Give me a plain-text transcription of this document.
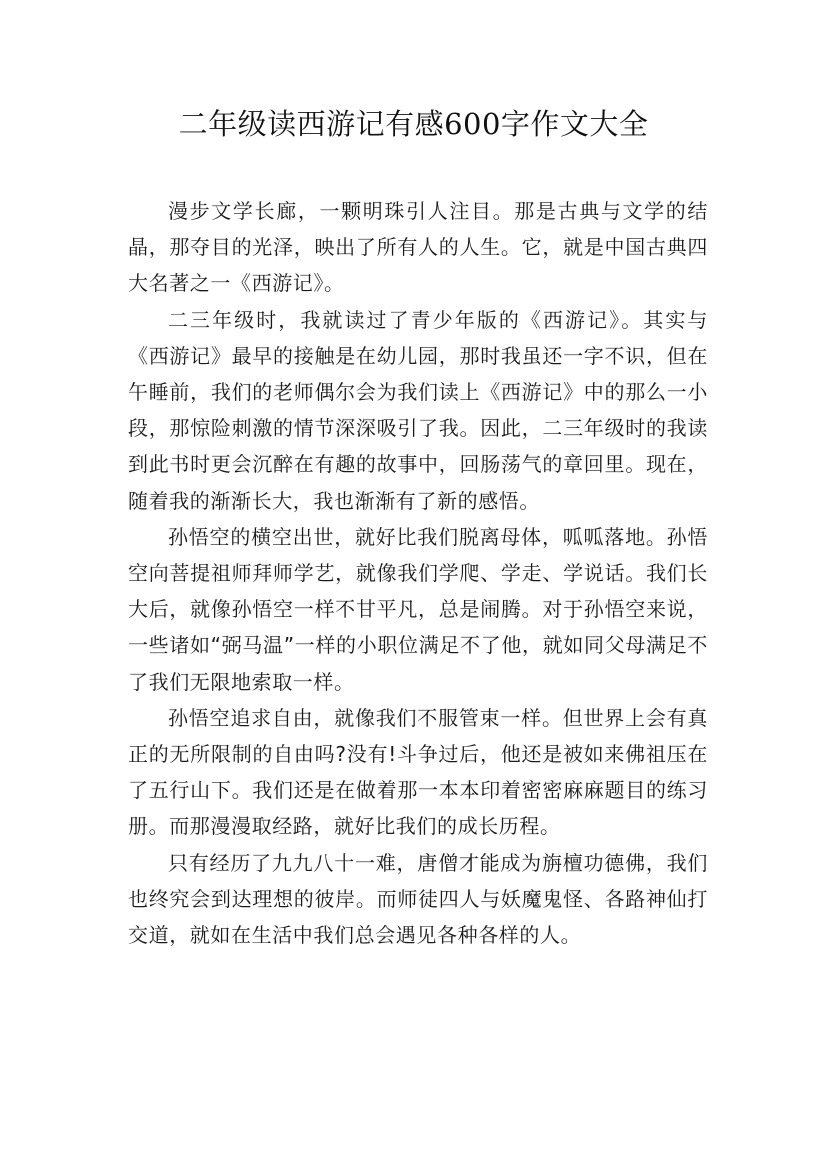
二年级读西游记有感600字作文大全

漫步文学长廊，一颗明珠引人注目。那是古典与文学的结晶，那夺目的光泽，映出了所有人的人生。它，就是中国古典四大名著之一《西游记》。

二三年级时，我就读过了青少年版的《西游记》。其实与《西游记》最早的接触是在幼儿园，那时我虽还一字不识，但在午睡前，我们的老师偶尔会为我们读上《西游记》中的那么一小段，那惊险刺激的情节深深吸引了我。因此，二三年级时的我读到此书时更会沉醉在有趣的故事中，回肠荡气的章回里。现在，随着我的渐渐长大，我也渐渐有了新的感悟。

孙悟空的横空出世，就好比我们脱离母体，呱呱落地。孙悟空向菩提祖师拜师学艺，就像我们学爬、学走、学说话。我们长大后，就像孙悟空一样不甘平凡，总是闹腾。对于孙悟空来说，一些诸如“弼马温”一样的小职位满足不了他，就如同父母满足不了我们无限地索取一样。

孙悟空追求自由，就像我们不服管束一样。但世界上会有真正的无所限制的自由吗?没有!斗争过后，他还是被如来佛祖压在了五行山下。我们还是在做着那一本本印着密密麻麻题目的练习册。而那漫漫取经路，就好比我们的成长历程。

只有经历了九九八十一难，唐僧才能成为旃檀功德佛，我们也终究会到达理想的彼岸。而师徒四人与妖魔鬼怪、各路神仙打交道，就如在生活中我们总会遇见各种各样的人。
